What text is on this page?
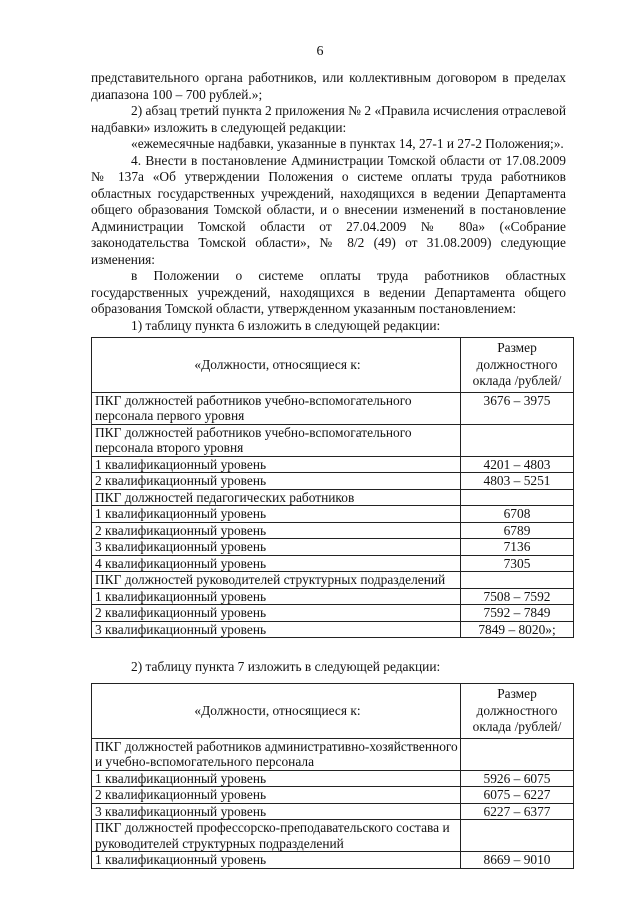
6

представительного органа работников, или коллективным договором в пределах диапазона 100 – 700 рублей.»;

2) абзац третий пункта 2 приложения № 2 «Правила исчисления отраслевой надбавки» изложить в следующей редакции:

«ежемесячные надбавки, указанные в пунктах 14, 27-1 и 27-2 Положения;».

4. Внести в постановление Администрации Томской области от 17.08.2009 № 137а «Об утверждении Положения о системе оплаты труда работников областных государственных учреждений, находящихся в ведении Департамента общего образования Томской области, и о внесении изменений в постановление Администрации Томской области от 27.04.2009 № 80а» («Собрание законодательства Томской области», № 8/2 (49) от 31.08.2009) следующие изменения:

в Положении о системе оплаты труда работников областных государственных учреждений, находящихся в ведении Департамента общего образования Томской области, утвержденном указанным постановлением:

1) таблицу пункта 6 изложить в следующей редакции:

«Должности, относящиеся к:	Размер должностного оклада /рублей/
ПКГ должностей работников учебно-вспомогательного персонала первого уровня	3676 – 3975
ПКГ должностей работников учебно-вспомогательного персонала второго уровня	
1 квалификационный уровень	4201 – 4803
2 квалификационный уровень	4803 – 5251
ПКГ должностей педагогических работников	
1 квалификационный уровень	6708
2 квалификационный уровень	6789
3 квалификационный уровень	7136
4 квалификационный уровень	7305
ПКГ должностей руководителей структурных подразделений	
1 квалификационный уровень	7508 – 7592
2 квалификационный уровень	7592 – 7849
3 квалификационный уровень	7849 – 8020»;
2) таблицу пункта 7 изложить в следующей редакции:
«Должности, относящиеся к:	Размер должностного оклада /рублей/
ПКГ должностей работников административно-хозяйственного и учебно-вспомогательного персонала	
1 квалификационный уровень	5926 – 6075
2 квалификационный уровень	6075 – 6227
3 квалификационный уровень	6227 – 6377
ПКГ должностей профессорско-преподавательского состава и руководителей структурных подразделений	
1 квалификационный уровень	8669 – 9010
